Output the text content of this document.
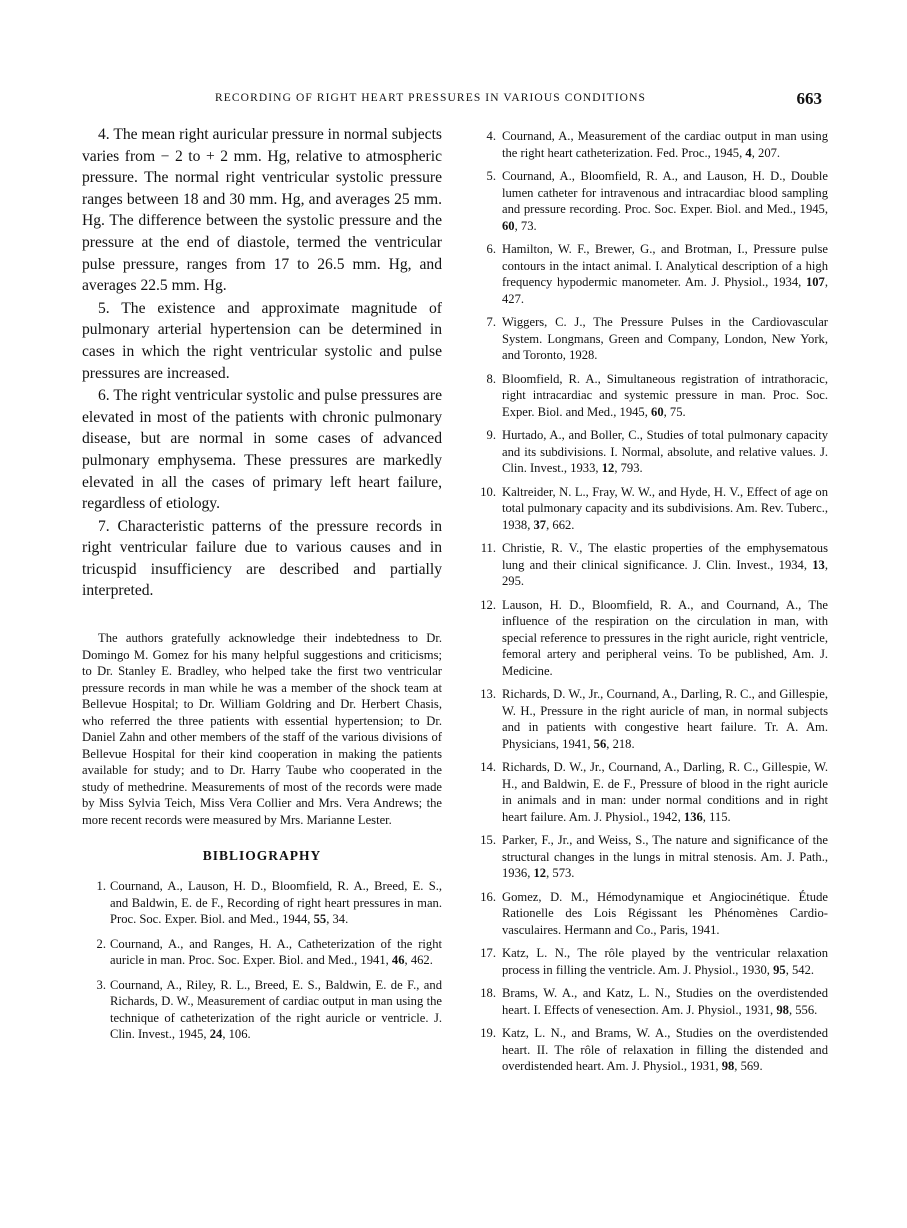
RECORDING OF RIGHT HEART PRESSURES IN VARIOUS CONDITIONS	663

4. The mean right auricular pressure in normal subjects varies from − 2 to + 2 mm. Hg, relative to atmospheric pressure. The normal right ventricular systolic pressure ranges between 18 and 30 mm. Hg, and averages 25 mm. Hg. The difference between the systolic pressure and the pressure at the end of diastole, termed the ventricular pulse pressure, ranges from 17 to 26.5 mm. Hg, and averages 22.5 mm. Hg.

5. The existence and approximate magnitude of pulmonary arterial hypertension can be determined in cases in which the right ventricular systolic and pulse pressures are increased.

6. The right ventricular systolic and pulse pressures are elevated in most of the patients with chronic pulmonary disease, but are normal in some cases of advanced pulmonary emphysema. These pressures are markedly elevated in all the cases of primary left heart failure, regardless of etiology.

7. Characteristic patterns of the pressure records in right ventricular failure due to various causes and in tricuspid insufficiency are described and partially interpreted.

The authors gratefully acknowledge their indebtedness to Dr. Domingo M. Gomez for his many helpful suggestions and criticisms; to Dr. Stanley E. Bradley, who helped take the first two ventricular pressure records in man while he was a member of the shock team at Bellevue Hospital; to Dr. William Goldring and Dr. Herbert Chasis, who referred the three patients with essential hypertension; to Dr. Daniel Zahn and other members of the staff of the various divisions of Bellevue Hospital for their kind cooperation in making the patients available for study; and to Dr. Harry Taube who cooperated in the study of methedrine. Measurements of most of the records were made by Miss Sylvia Teich, Miss Vera Collier and Mrs. Vera Andrews; the more recent records were measured by Mrs. Marianne Lester.

BIBLIOGRAPHY
1. Cournand, A., Lauson, H. D., Bloomfield, R. A., Breed, E. S., and Baldwin, E. de F., Recording of right heart pressures in man. Proc. Soc. Exper. Biol. and Med., 1944, 55, 34.
2. Cournand, A., and Ranges, H. A., Catheterization of the right auricle in man. Proc. Soc. Exper. Biol. and Med., 1941, 46, 462.
3. Cournand, A., Riley, R. L., Breed, E. S., Baldwin, E. de F., and Richards, D. W., Measurement of cardiac output in man using the technique of catheterization of the right auricle or ventricle. J. Clin. Invest., 1945, 24, 106.
4. Cournand, A., Measurement of the cardiac output in man using the right heart catheterization. Fed. Proc., 1945, 4, 207.
5. Cournand, A., Bloomfield, R. A., and Lauson, H. D., Double lumen catheter for intravenous and intracardiac blood sampling and pressure recording. Proc. Soc. Exper. Biol. and Med., 1945, 60, 73.
6. Hamilton, W. F., Brewer, G., and Brotman, I., Pressure pulse contours in the intact animal. I. Analytical description of a high frequency hypodermic manometer. Am. J. Physiol., 1934, 107, 427.
7. Wiggers, C. J., The Pressure Pulses in the Cardiovascular System. Longmans, Green and Company, London, New York, and Toronto, 1928.
8. Bloomfield, R. A., Simultaneous registration of intrathoracic, right intracardiac and systemic pressure in man. Proc. Soc. Exper. Biol. and Med., 1945, 60, 75.
9. Hurtado, A., and Boller, C., Studies of total pulmonary capacity and its subdivisions. I. Normal, absolute, and relative values. J. Clin. Invest., 1933, 12, 793.
10. Kaltreider, N. L., Fray, W. W., and Hyde, H. V., Effect of age on total pulmonary capacity and its subdivisions. Am. Rev. Tuberc., 1938, 37, 662.
11. Christie, R. V., The elastic properties of the emphysematous lung and their clinical significance. J. Clin. Invest., 1934, 13, 295.
12. Lauson, H. D., Bloomfield, R. A., and Cournand, A., The influence of the respiration on the circulation in man, with special reference to pressures in the right auricle, right ventricle, femoral artery and peripheral veins. To be published, Am. J. Medicine.
13. Richards, D. W., Jr., Cournand, A., Darling, R. C., and Gillespie, W. H., Pressure in the right auricle of man, in normal subjects and in patients with congestive heart failure. Tr. A. Am. Physicians, 1941, 56, 218.
14. Richards, D. W., Jr., Cournand, A., Darling, R. C., Gillespie, W. H., and Baldwin, E. de F., Pressure of blood in the right auricle in animals and in man: under normal conditions and in right heart failure. Am. J. Physiol., 1942, 136, 115.
15. Parker, F., Jr., and Weiss, S., The nature and significance of the structural changes in the lungs in mitral stenosis. Am. J. Path., 1936, 12, 573.
16. Gomez, D. M., Hémodynamique et Angiocinétique. Étude Rationelle des Lois Régissant les Phénomènes Cardio-vasculaires. Hermann and Co., Paris, 1941.
17. Katz, L. N., The rôle played by the ventricular relaxation process in filling the ventricle. Am. J. Physiol., 1930, 95, 542.
18. Brams, W. A., and Katz, L. N., Studies on the overdistended heart. I. Effects of venesection. Am. J. Physiol., 1931, 98, 556.
19. Katz, L. N., and Brams, W. A., Studies on the overdistended heart. II. The rôle of relaxation in filling the distended and overdistended heart. Am. J. Physiol., 1931, 98, 569.
